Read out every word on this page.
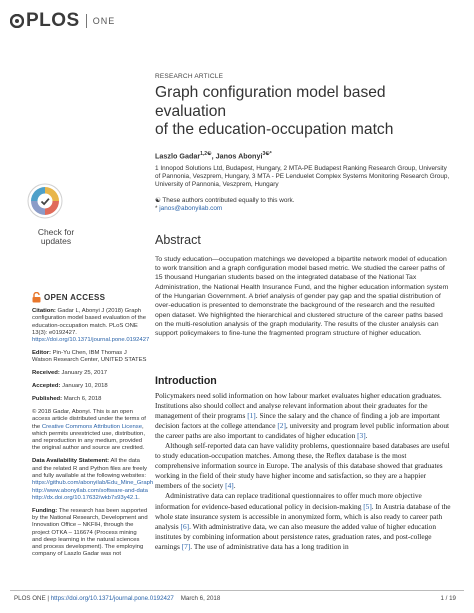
PLOS ONE
Check for
updates
OPEN ACCESS

Citation: Gadar L, Abonyi J (2018) Graph configuration model based evaluation of the education-occupation match. PLoS ONE 13(3): e0192427. https://doi.org/10.1371/journal.pone.0192427

Editor: Pin-Yu Chen, IBM Thomas J Watson Research Center, UNITED STATES

Received: January 25, 2017

Accepted: January 10, 2018

Published: March 6, 2018

© 2018 Gadar, Abonyi. This is an open access article distributed under the terms of the Creative Commons Attribution License, which permits unrestricted use, distribution, and reproduction in any medium, provided the original author and source are credited.

Data Availability Statement: All the data and the related R and Python files are freely and fully available at the following websites: https://github.com/abonyilab/Edu_Mine_Graph http://www.abonyilab.com/software-and-data http://dx.doi.org/10.17632/wkb7s93y42.1.

Funding: The research has been supported by the National Research, Development and Innovation Office – NKFIH, through the project OTKA – 116674 (Process mining and deep learning in the natural sciences and process development). The employing company of Laszlo Gadar was not

RESEARCH ARTICLE
Graph configuration model based evaluation
of the education-occupation match
Laszlo Gadar$^{1,2☯}$, Janos Abonyi$^{3☯*}$
1 Innopod Solutions Ltd, Budapest, Hungary, 2 MTA-PE Budapest Ranking Research Group, University of Pannonia, Veszprem, Hungary, 3 MTA - PE Lenduelet Complex Systems Monitoring Research Group, University of Pannonia, Veszprem, Hungary
☯ These authors contributed equally to this work.
* janos@abonyilab.com
Abstract
To study education—occupation matchings we developed a bipartite network model of education to work transition and a graph configuration model based metric. We studied the career paths of 15 thousand Hungarian students based on the integrated database of the National Tax Administration, the National Health Insurance Fund, and the higher education information system of the Hungarian Government. A brief analysis of gender pay gap and the spatial distribution of over-education is presented to demonstrate the background of the research and the resulted open dataset. We highlighted the hierarchical and clustered structure of the career paths based on the multi-resolution analysis of the graph modularity. The results of the cluster analysis can support policymakers to fine-tune the fragmented program structure of higher education.
Introduction

Policymakers need solid information on how labour market evaluates higher education graduates. Institutions also should collect and analyse relevant information about their graduates for the management of their programs [1]. Since the salary and the chance of finding a job are important decision factors at the college attendance [2], university and program level public information about the career paths are also important to candidates of higher education [3].

Although self-reported data can have validity problems, questionnaire based databases are useful to study education-occupation matches. Among these, the Reflex database is the most comprehensive information source in Europe. The analysis of this database showed that graduates working in the field of their study have higher income and satisfaction, so they are a happier members of the society [4].

Administrative data can replace traditional questionnaires to offer much more objective information for evidence-based educational policy in decision-making [5]. In Austria database of the whole state insurance system is accessible in anonymized form, which is also ready to career path analysis [6]. With administrative data, we can also measure the added value of higher education institutes by combining information about persistence rates, graduation rates, and post-college earnings [7]. The use of administrative data has a long tradition in

PLOS ONE | https://doi.org/10.1371/journal.pone.0192427 March 6, 2018	1 / 19
